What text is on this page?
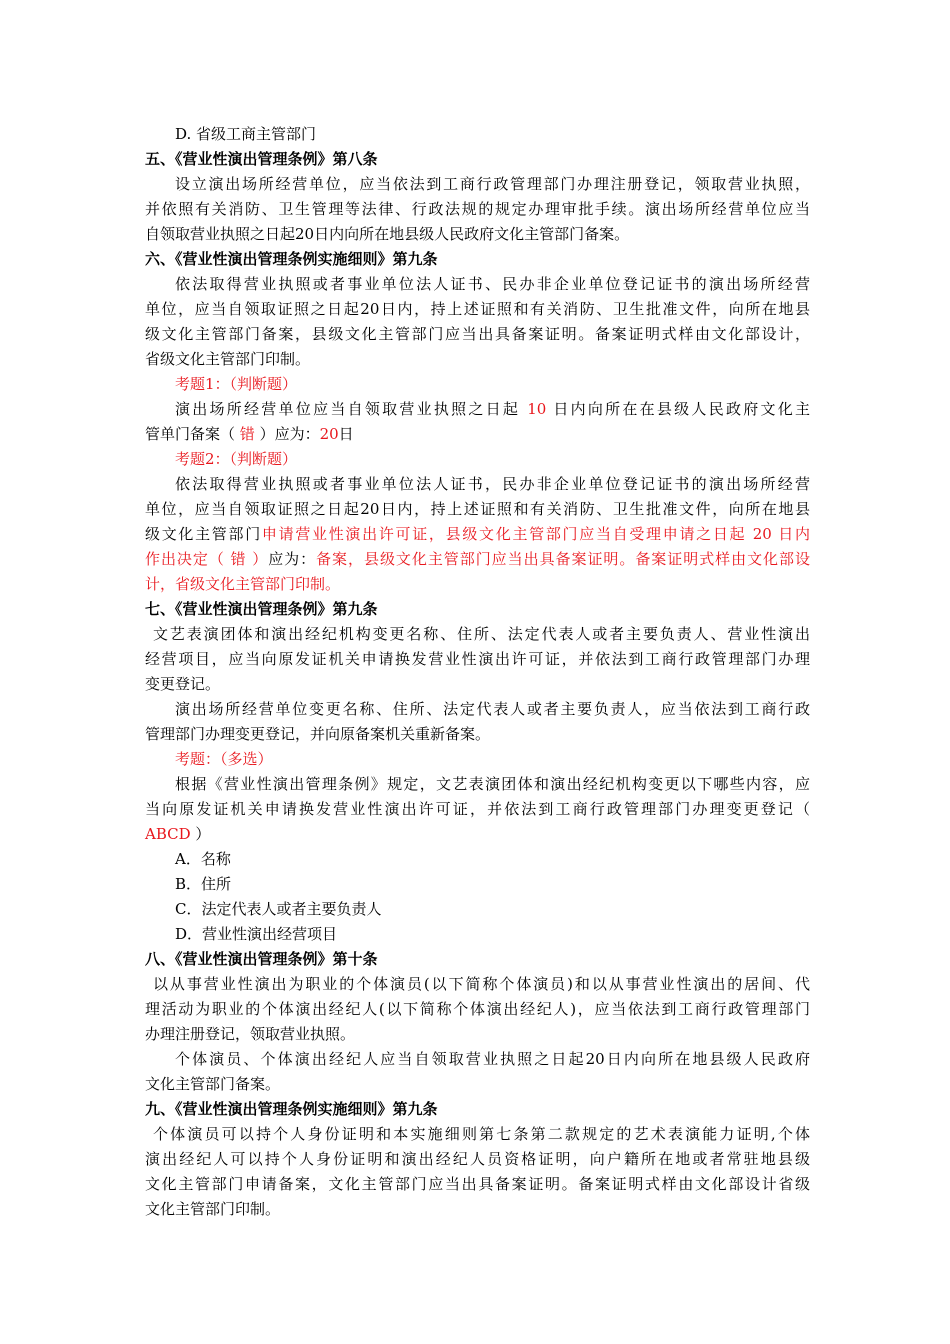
D. 省级工商主管部门
五、《营业性演出管理条例》第八条
设立演出场所经营单位，应当依法到工商行政管理部门办理注册登记，领取营业执照，
并依照有关消防、卫生管理等法律、行政法规的规定办理审批手续。演出场所经营单位应当
自领取营业执照之日起20日内向所在地县级人民政府文化主管部门备案。
六、《营业性演出管理条例实施细则》第九条
依法取得营业执照或者事业单位法人证书、民办非企业单位登记证书的演出场所经营
单位，应当自领取证照之日起20日内，持上述证照和有关消防、卫生批准文件，向所在地县
级文化主管部门备案，县级文化主管部门应当出具备案证明。备案证明式样由文化部设计，
省级文化主管部门印制。
考题1：（判断题）
演出场所经营单位应当自领取营业执照之日起 10 日内向所在在县级人民政府文化主
管单门备案（ 错 ）应为：20日
考题2：（判断题）
依法取得营业执照或者事业单位法人证书，民办非企业单位登记证书的演出场所经营
单位，应当自领取证照之日起20日内，持上述证照和有关消防、卫生批准文件，向所在地县
级文化主管部门申请营业性演出许可证，县级文化主管部门应当自受理申请之日起 20 日内
作出决定（ 错 ）应为：备案，县级文化主管部门应当出具备案证明。备案证明式样由文化部设
计，省级文化主管部门印制。
七、《营业性演出管理条例》第九条
文艺表演团体和演出经纪机构变更名称、住所、法定代表人或者主要负责人、营业性演出
经营项目，应当向原发证机关申请换发营业性演出许可证，并依法到工商行政管理部门办理
变更登记。
演出场所经营单位变更名称、住所、法定代表人或者主要负责人，应当依法到工商行政
管理部门办理变更登记，并向原备案机关重新备案。
考题：（多选）
根据《营业性演出管理条例》规定，文艺表演团体和演出经纪机构变更以下哪些内容，应
当向原发证机关申请换发营业性演出许可证，并依法到工商行政管理部门办理变更登记（
ABCD ）
A．名称
B．住所
C．法定代表人或者主要负责人
D．营业性演出经营项目
八、《营业性演出管理条例》第十条
以从事营业性演出为职业的个体演员(以下简称个体演员)和以从事营业性演出的居间、代
理活动为职业的个体演出经纪人(以下简称个体演出经纪人)，应当依法到工商行政管理部门
办理注册登记，领取营业执照。
个体演员、个体演出经纪人应当自领取营业执照之日起20日内向所在地县级人民政府
文化主管部门备案。
九、《营业性演出管理条例实施细则》第九条
个体演员可以持个人身份证明和本实施细则第七条第二款规定的艺术表演能力证明,个体
演出经纪人可以持个人身份证明和演出经纪人员资格证明，向户籍所在地或者常驻地县级
文化主管部门申请备案，文化主管部门应当出具备案证明。备案证明式样由文化部设计省级
文化主管部门印制。
